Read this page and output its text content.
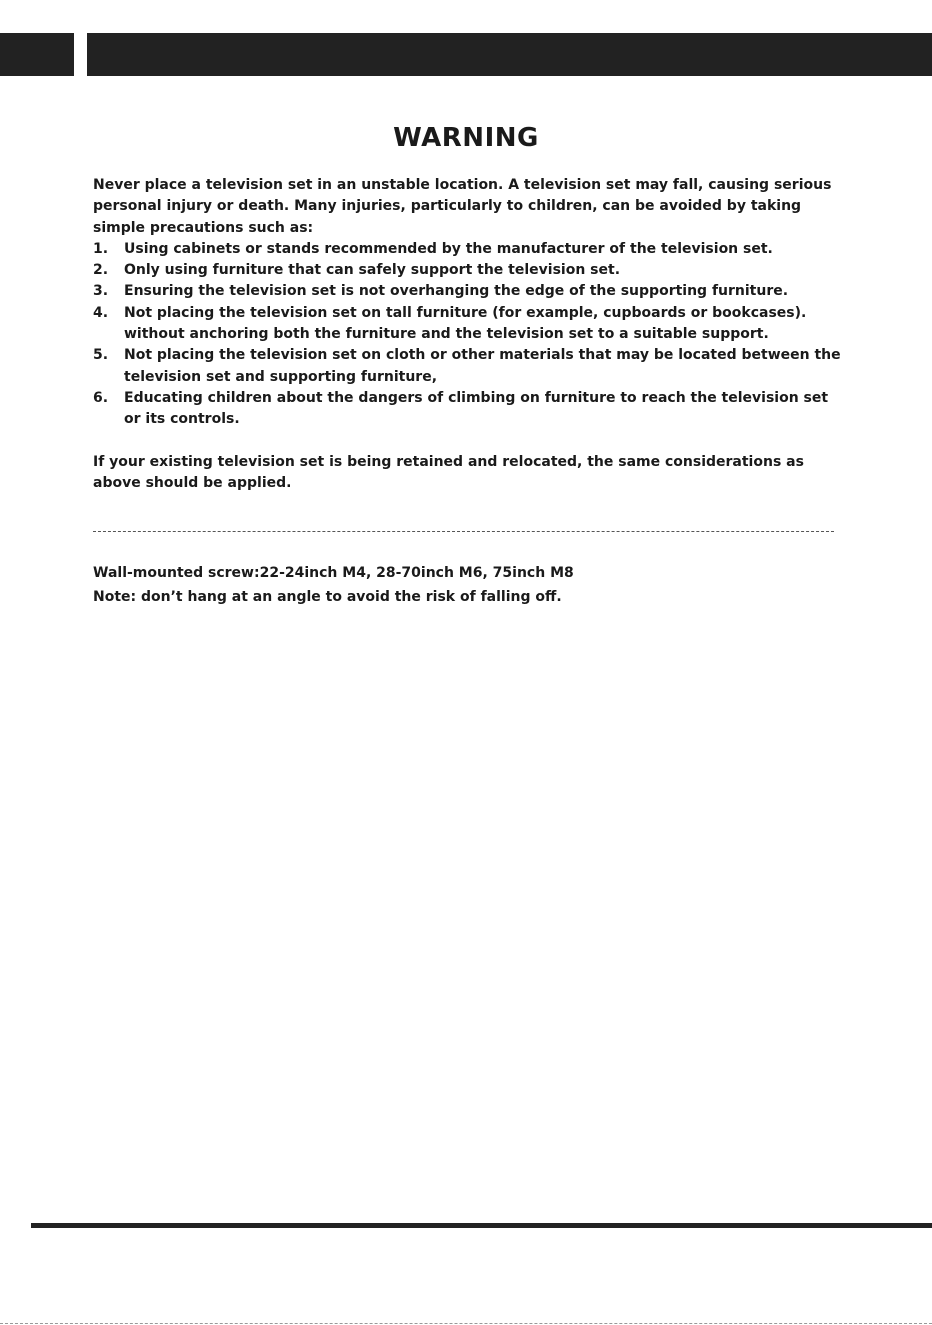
WARNING

Never place a television set in an unstable location. A television set may fall, causing serious personal injury or death. Many injuries, particularly to children, can be avoided by taking simple precautions such as:

1. Using cabinets or stands recommended by the manufacturer of the television set.
2. Only using furniture that can safely support the television set.
3. Ensuring the television set is not overhanging the edge of the supporting furniture.
4. Not placing the television set on tall furniture (for example, cupboards or bookcases). without anchoring both the furniture and the television set to a suitable support.
5. Not placing the television set on cloth or other materials that may be located between the television set and supporting furniture,
6. Educating children about the dangers of climbing on furniture to reach the television set or its controls.

If your existing television set is being retained and relocated, the same considerations as above should be applied.

Wall-mounted screw:22-24inch M4, 28-70inch M6, 75inch M8

Note: don’t hang at an angle to avoid the risk of falling off.
